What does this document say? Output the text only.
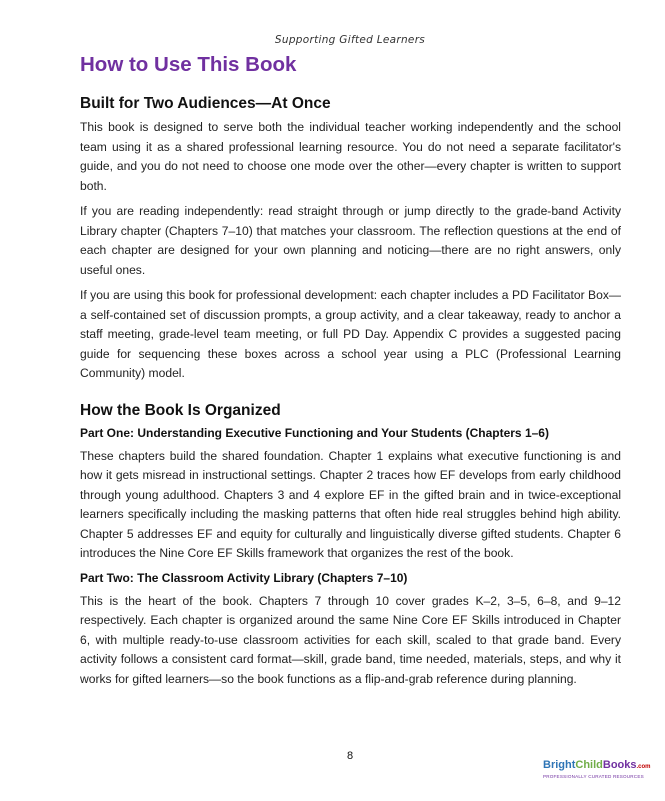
Supporting Gifted Learners
How to Use This Book
Built for Two Audiences—At Once

This book is designed to serve both the individual teacher working independently and the school team using it as a shared professional learning resource. You do not need a separate facilitator's guide, and you do not need to choose one mode over the other—every chapter is written to support both.

If you are reading independently: read straight through or jump directly to the grade-band Activity Library chapter (Chapters 7–10) that matches your classroom. The reflection questions at the end of each chapter are designed for your own planning and noticing—there are no right answers, only useful ones.

If you are using this book for professional development: each chapter includes a PD Facilitator Box—a self-contained set of discussion prompts, a group activity, and a clear takeaway, ready to anchor a staff meeting, grade-level team meeting, or full PD Day. Appendix C provides a suggested pacing guide for sequencing these boxes across a school year using a PLC (Professional Learning Community) model.

How the Book Is Organized
Part One: Understanding Executive Functioning and Your Students (Chapters 1–6)

These chapters build the shared foundation. Chapter 1 explains what executive functioning is and how it gets misread in instructional settings. Chapter 2 traces how EF develops from early childhood through young adulthood. Chapters 3 and 4 explore EF in the gifted brain and in twice-exceptional learners specifically including the masking patterns that often hide real struggles behind high ability. Chapter 5 addresses EF and equity for culturally and linguistically diverse gifted students. Chapter 6 introduces the Nine Core EF Skills framework that organizes the rest of the book.

Part Two: The Classroom Activity Library (Chapters 7–10)

This is the heart of the book. Chapters 7 through 10 cover grades K–2, 3–5, 6–8, and 9–12 respectively. Each chapter is organized around the same Nine Core EF Skills introduced in Chapter 6, with multiple ready-to-use classroom activities for each skill, scaled to that grade band. Every activity follows a consistent card format—skill, grade band, time needed, materials, steps, and why it works for gifted learners—so the book functions as a flip-and-grab reference during planning.

8
BrightChildBooks.com
PROFESSIONALLY CURATED RESOURCES
